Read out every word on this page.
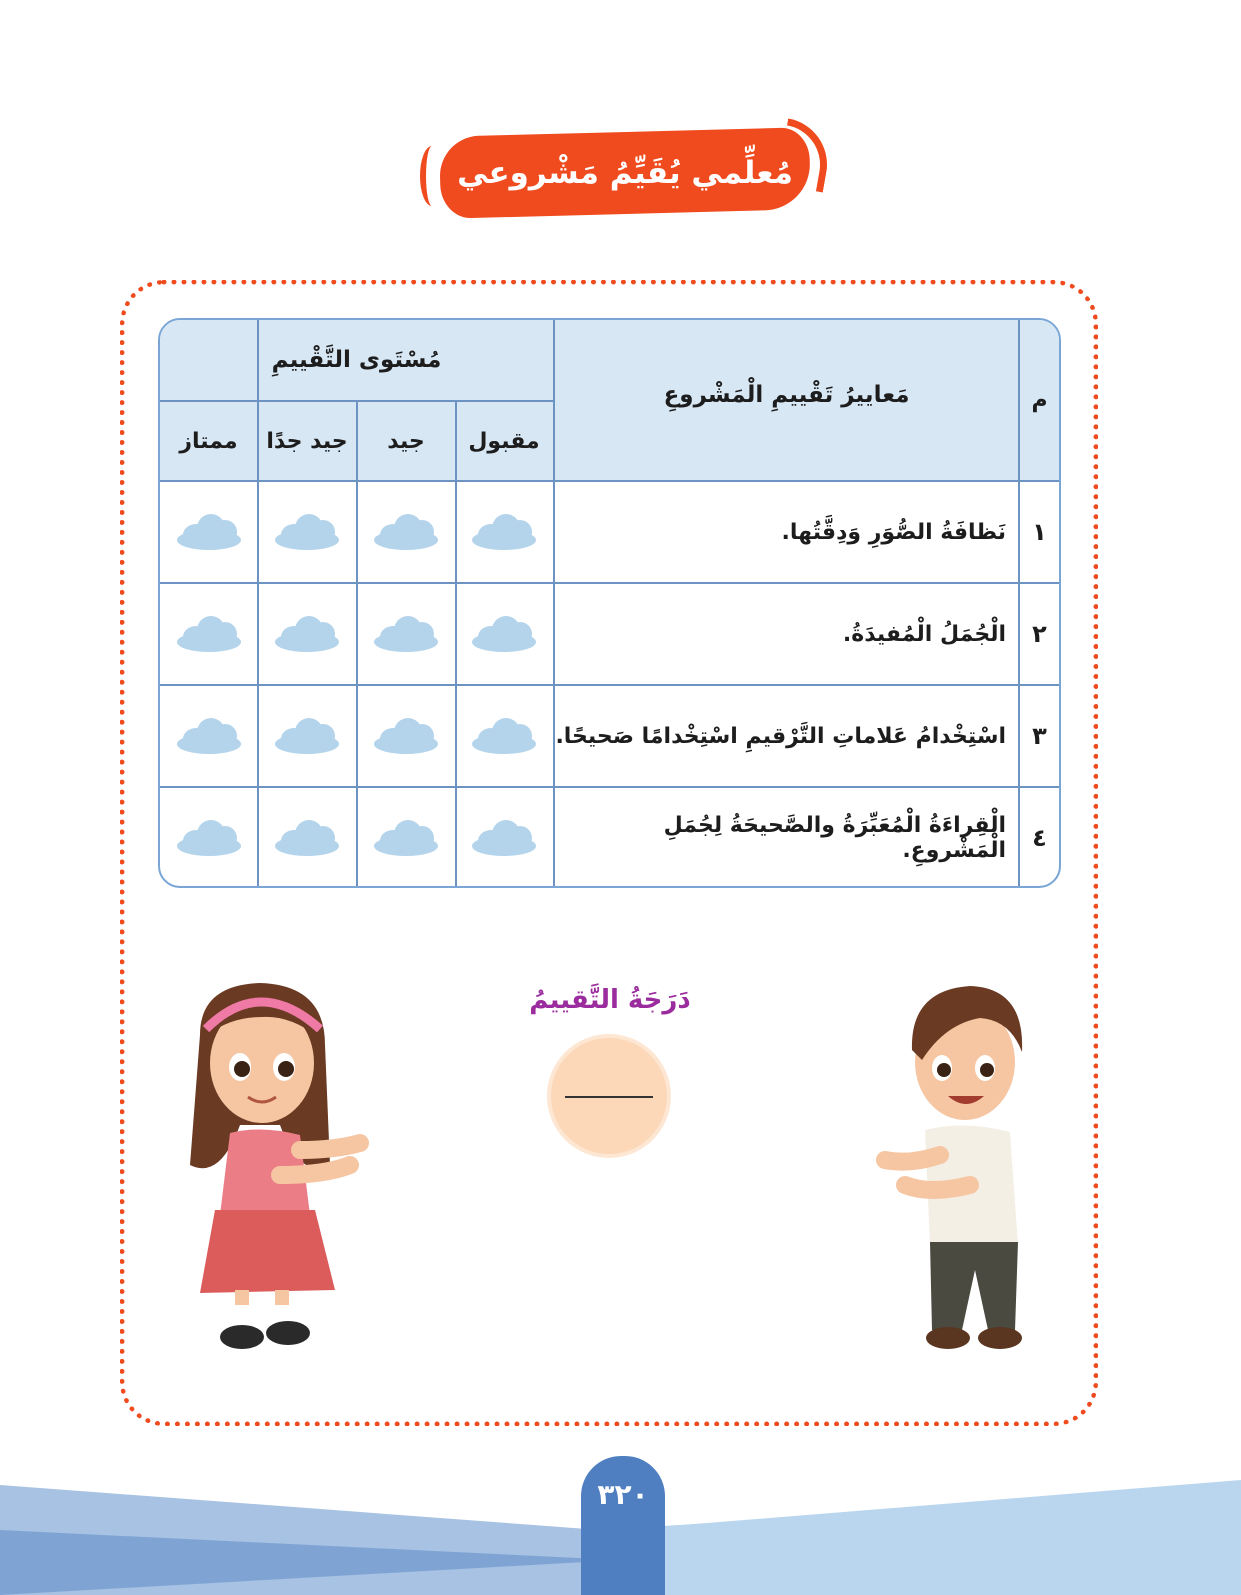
مُعلِّمي يُقَيِّمُ مَشْروعي
م
مَعاييرُ تَقْييمِ الْمَشْروعِ
مُسْتَوى التَّقْييمِ
مقبول
جيد
جيد جدًا
ممتاز
١
نَظافَةُ الصُّوَرِ وَدِقَّتُها.
٢
الْجُمَلُ الْمُفيدَةُ.
٣
اسْتِخْدامُ عَلاماتِ التَّرْقيمِ اسْتِخْدامًا صَحيحًا.
٤
الْقِراءَةُ الْمُعَبِّرَةُ والصَّحيحَةُ لِجُمَلِ الْمَشْروعِ.
دَرَجَةُ التَّقييمُ
٣٢٠
